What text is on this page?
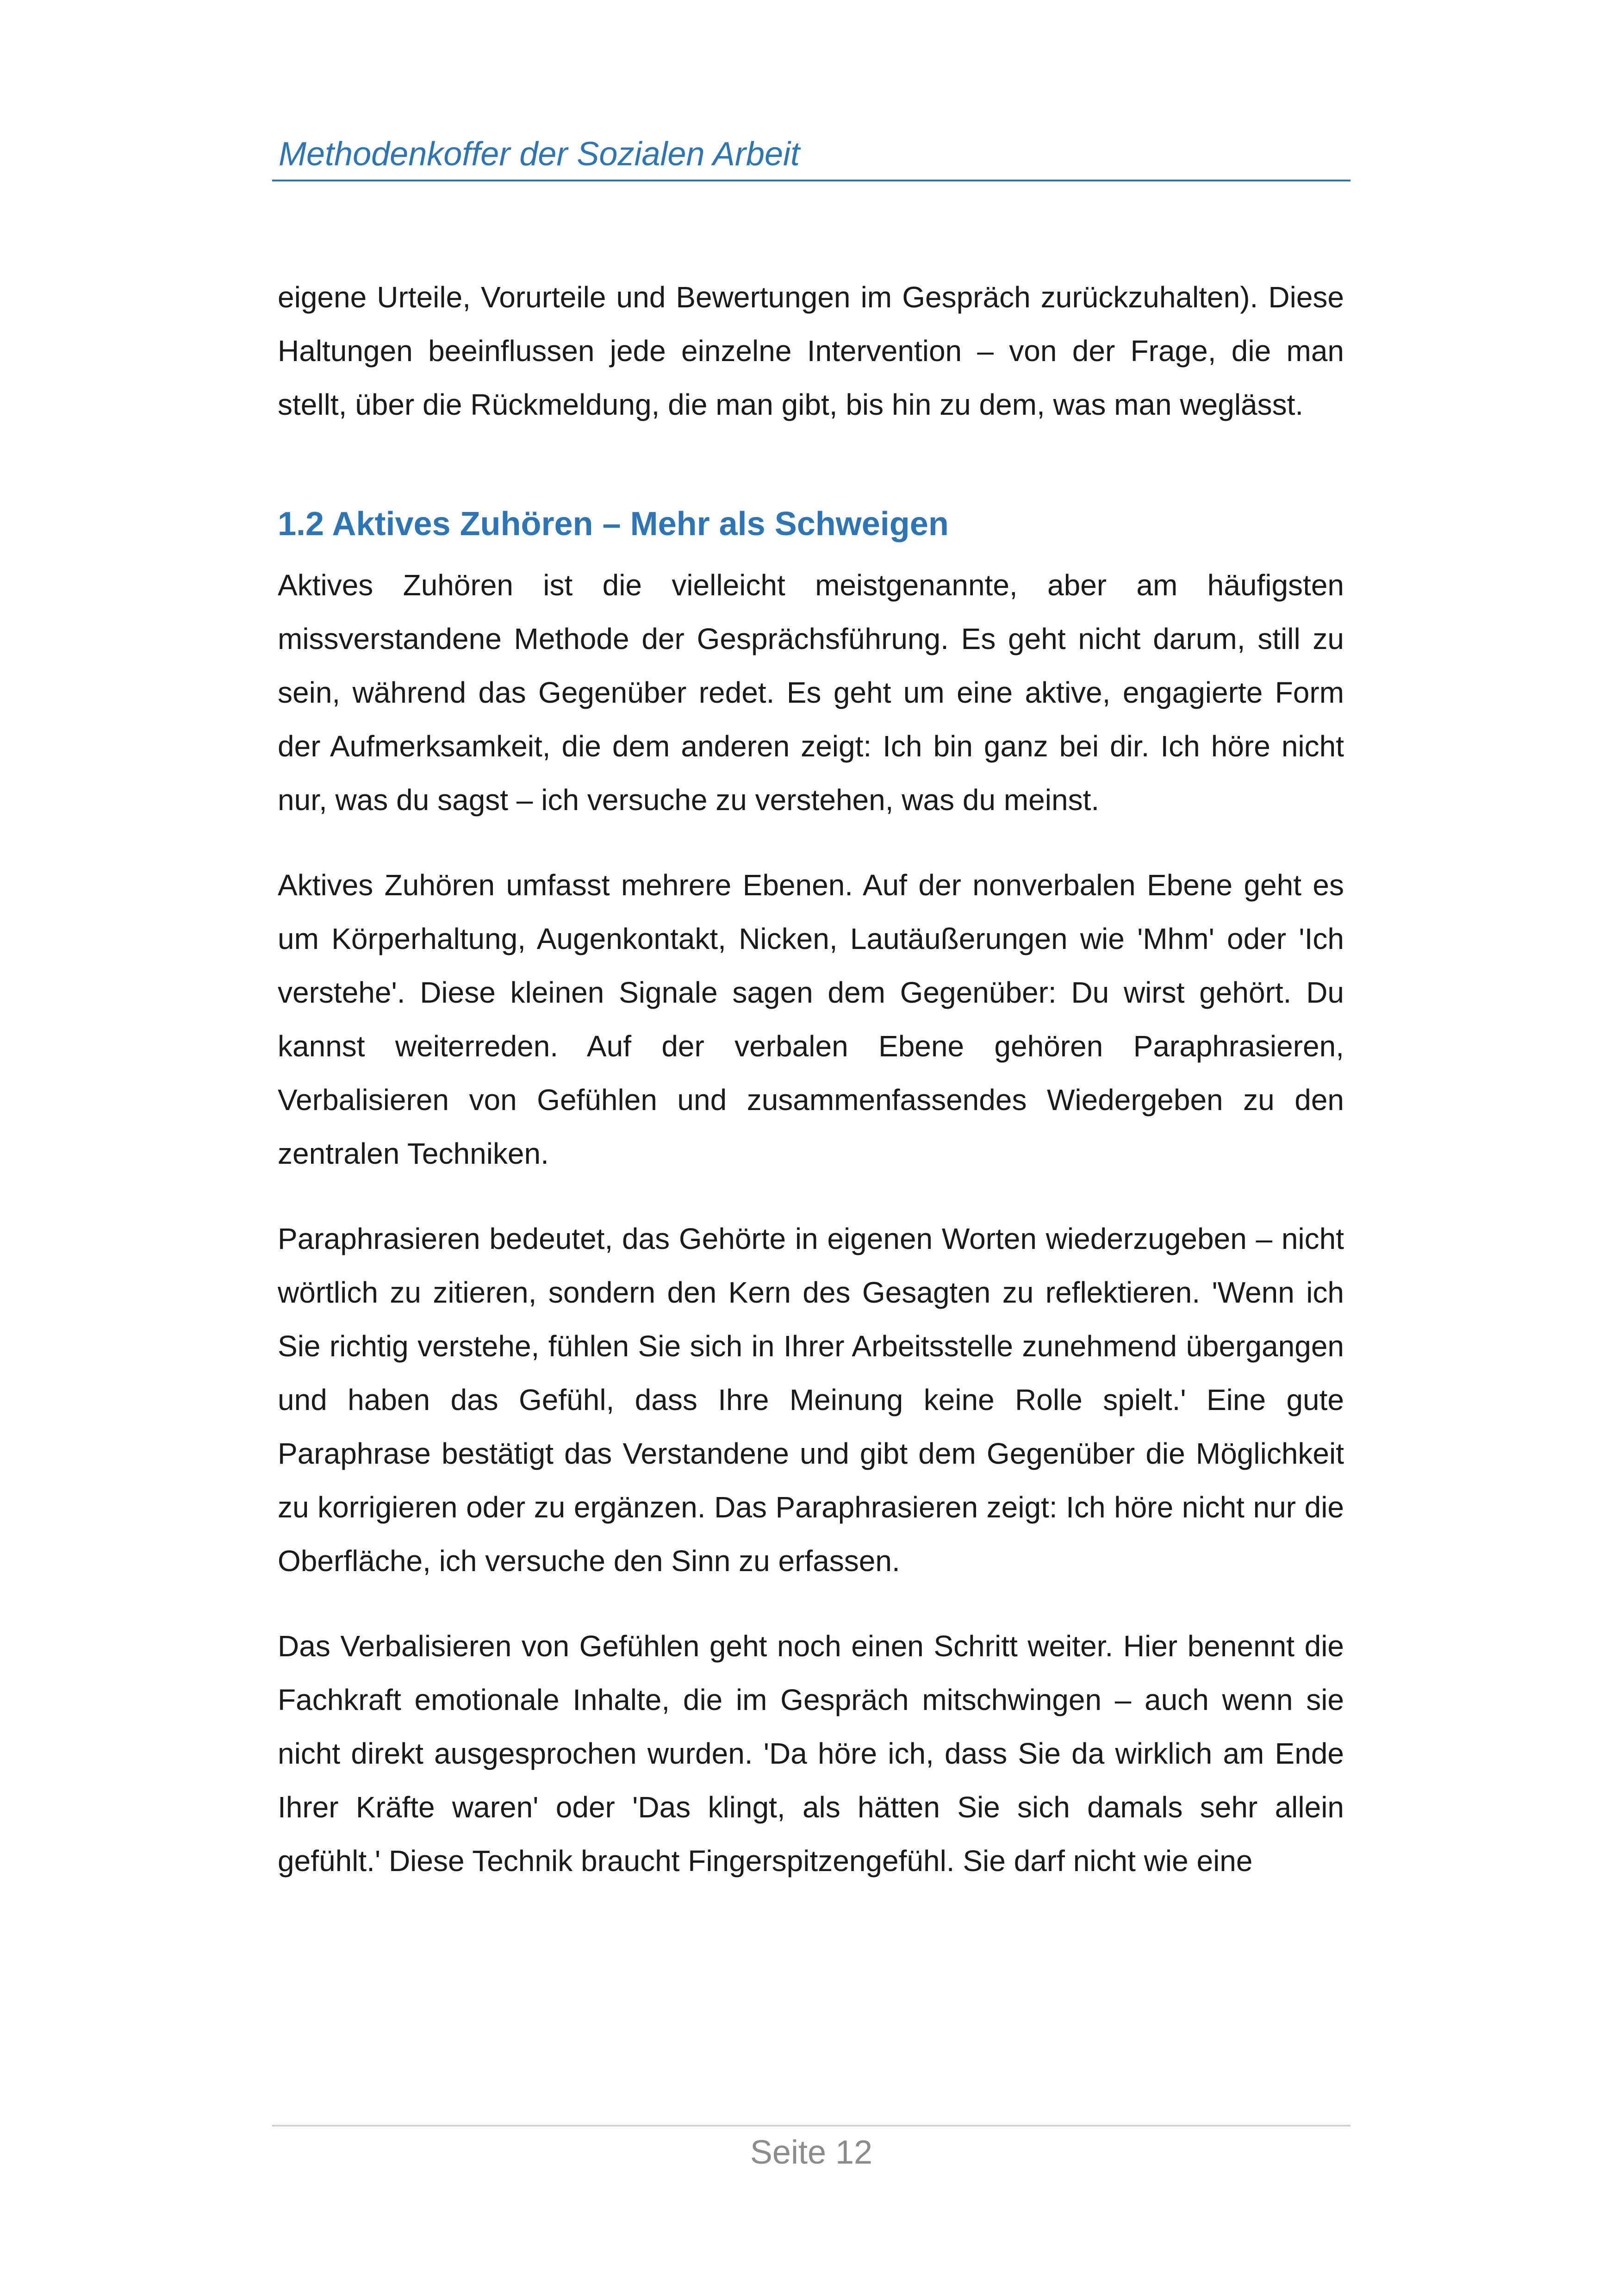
Methodenkoffer der Sozialen Arbeit

eigene Urteile, Vorurteile und Bewertungen im Gespräch zurückzuhalten). Diese Haltungen beeinflussen jede einzelne Intervention – von der Frage, die man stellt, über die Rückmeldung, die man gibt, bis hin zu dem, was man weglässt.

1.2 Aktives Zuhören – Mehr als Schweigen

Aktives Zuhören ist die vielleicht meistgenannte, aber am häufigsten missverstandene Methode der Gesprächsführung. Es geht nicht darum, still zu sein, während das Gegenüber redet. Es geht um eine aktive, engagierte Form der Aufmerksamkeit, die dem anderen zeigt: Ich bin ganz bei dir. Ich höre nicht nur, was du sagst – ich versuche zu verstehen, was du meinst.

Aktives Zuhören umfasst mehrere Ebenen. Auf der nonverbalen Ebene geht es um Körperhaltung, Augenkontakt, Nicken, Lautäußerungen wie 'Mhm' oder 'Ich verstehe'. Diese kleinen Signale sagen dem Gegenüber: Du wirst gehört. Du kannst weiterreden. Auf der verbalen Ebene gehören Paraphrasieren, Verbalisieren von Gefühlen und zusammenfassendes Wiedergeben zu den zentralen Techniken.

Paraphrasieren bedeutet, das Gehörte in eigenen Worten wiederzugeben – nicht wörtlich zu zitieren, sondern den Kern des Gesagten zu reflektieren. 'Wenn ich Sie richtig verstehe, fühlen Sie sich in Ihrer Arbeitsstelle zunehmend übergangen und haben das Gefühl, dass Ihre Meinung keine Rolle spielt.' Eine gute Paraphrase bestätigt das Verstandene und gibt dem Gegenüber die Möglichkeit zu korrigieren oder zu ergänzen. Das Paraphrasieren zeigt: Ich höre nicht nur die Oberfläche, ich versuche den Sinn zu erfassen.

Das Verbalisieren von Gefühlen geht noch einen Schritt weiter. Hier benennt die Fachkraft emotionale Inhalte, die im Gespräch mitschwingen – auch wenn sie nicht direkt ausgesprochen wurden. 'Da höre ich, dass Sie da wirklich am Ende Ihrer Kräfte waren' oder 'Das klingt, als hätten Sie sich damals sehr allein gefühlt.' Diese Technik braucht Fingerspitzengefühl. Sie darf nicht wie eine

Seite 12
